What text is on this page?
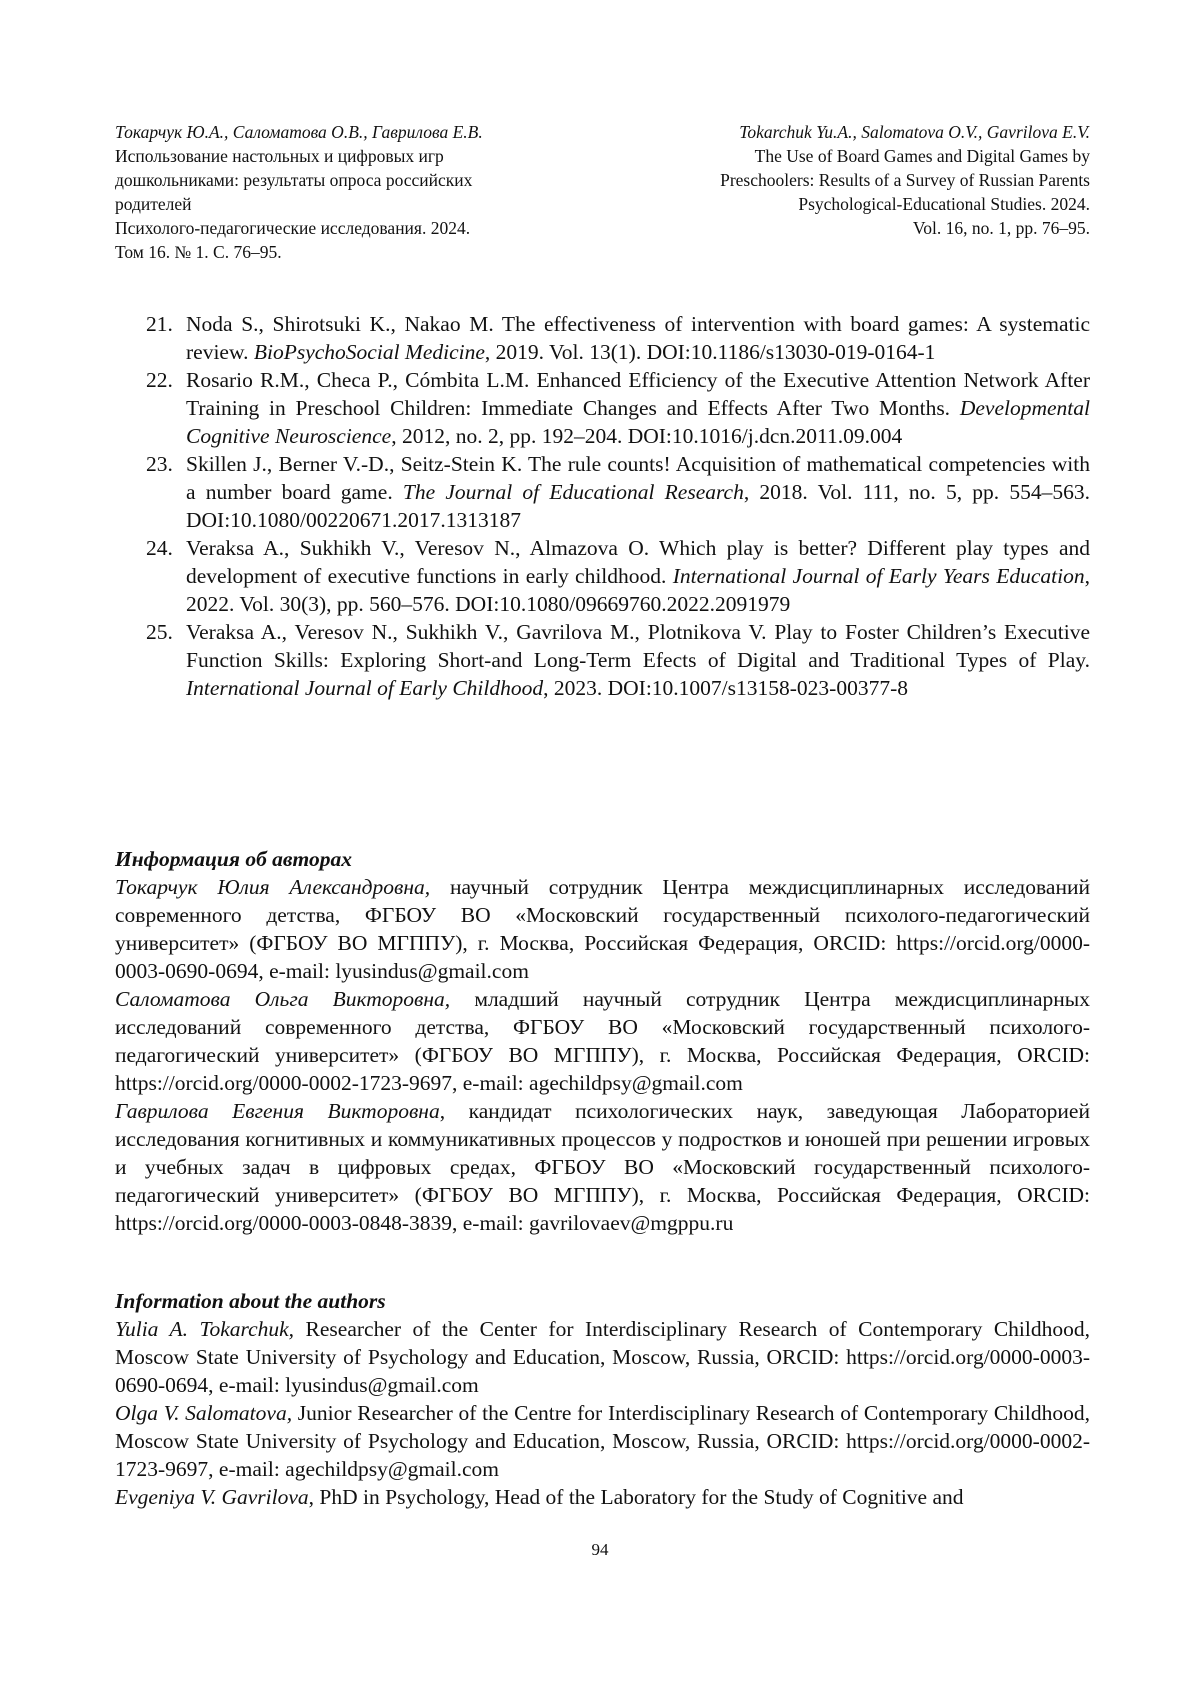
Токарчук Ю.А., Саломатова О.В., Гаврилова Е.В.
Использование настольных и цифровых игр
дошкольниками: результаты опроса российских
родителей
Психолого-педагогические исследования. 2024.
Том 16. № 1. С. 76–95.
Tokarchuk Yu.A., Salomatova O.V., Gavrilova E.V.
The Use of Board Games and Digital Games by
Preschoolers: Results of a Survey of Russian Parents
Psychological-Educational Studies. 2024.
Vol. 16, no. 1, pp. 76–95.
21. Noda S., Shirotsuki K., Nakao M. The effectiveness of intervention with board games: A systematic review. BioPsychoSocial Medicine, 2019. Vol. 13(1). DOI:10.1186/s13030-019-0164-1
22. Rosario R.M., Checa P., Cómbita L.M. Enhanced Efficiency of the Executive Attention Network After Training in Preschool Children: Immediate Changes and Effects After Two Months. Developmental Cognitive Neuroscience, 2012, no. 2, pp. 192–204. DOI:10.1016/j.dcn.2011.09.004
23. Skillen J., Berner V.-D., Seitz-Stein K. The rule counts! Acquisition of mathematical competencies with a number board game. The Journal of Educational Research, 2018. Vol. 111, no. 5, pp. 554–563. DOI:10.1080/00220671.2017.1313187
24. Veraksa A., Sukhikh V., Veresov N., Almazova O. Which play is better? Different play types and development of executive functions in early childhood. International Journal of Early Years Education, 2022. Vol. 30(3), pp. 560–576. DOI:10.1080/09669760.2022.2091979
25. Veraksa A., Veresov N., Sukhikh V., Gavrilova M., Plotnikova V. Play to Foster Children’s Executive Function Skills: Exploring Short-and Long-Term Efects of Digital and Traditional Types of Play. International Journal of Early Childhood, 2023. DOI:10.1007/s13158-023-00377-8
Информация об авторах

Токарчук Юлия Александровна, научный сотрудник Центра междисциплинарных исследований современного детства, ФГБОУ ВО «Московский государственный психолого-педагогический университет» (ФГБОУ ВО МГППУ), г. Москва, Российская Федерация, ORCID: https://orcid.org/0000-0003-0690-0694, e-mail: lyusindus@gmail.com

Саломатова Ольга Викторовна, младший научный сотрудник Центра междисциплинарных исследований современного детства, ФГБОУ ВО «Московский государственный психолого-педагогический университет» (ФГБОУ ВО МГППУ), г. Москва, Российская Федерация, ORCID: https://orcid.org/0000-0002-1723-9697, e-mail: agechildpsy@gmail.com

Гаврилова Евгения Викторовна, кандидат психологических наук, заведующая Лабораторией исследования когнитивных и коммуникативных процессов у подростков и юношей при решении игровых и учебных задач в цифровых средах, ФГБОУ ВО «Московский государственный психолого-педагогический университет» (ФГБОУ ВО МГППУ), г. Москва, Российская Федерация, ORCID: https://orcid.org/0000-0003-0848-3839, e-mail: gavrilovaev@mgppu.ru

Information about the authors

Yulia A. Tokarchuk, Researcher of the Center for Interdisciplinary Research of Contemporary Childhood, Moscow State University of Psychology and Education, Moscow, Russia, ORCID: https://orcid.org/0000-0003-0690-0694, e-mail: lyusindus@gmail.com

Olga V. Salomatova, Junior Researcher of the Centre for Interdisciplinary Research of Contemporary Childhood, Moscow State University of Psychology and Education, Moscow, Russia, ORCID: https://orcid.org/0000-0002-1723-9697, e-mail: agechildpsy@gmail.com

Evgeniya V. Gavrilova, PhD in Psychology, Head of the Laboratory for the Study of Cognitive and

94
